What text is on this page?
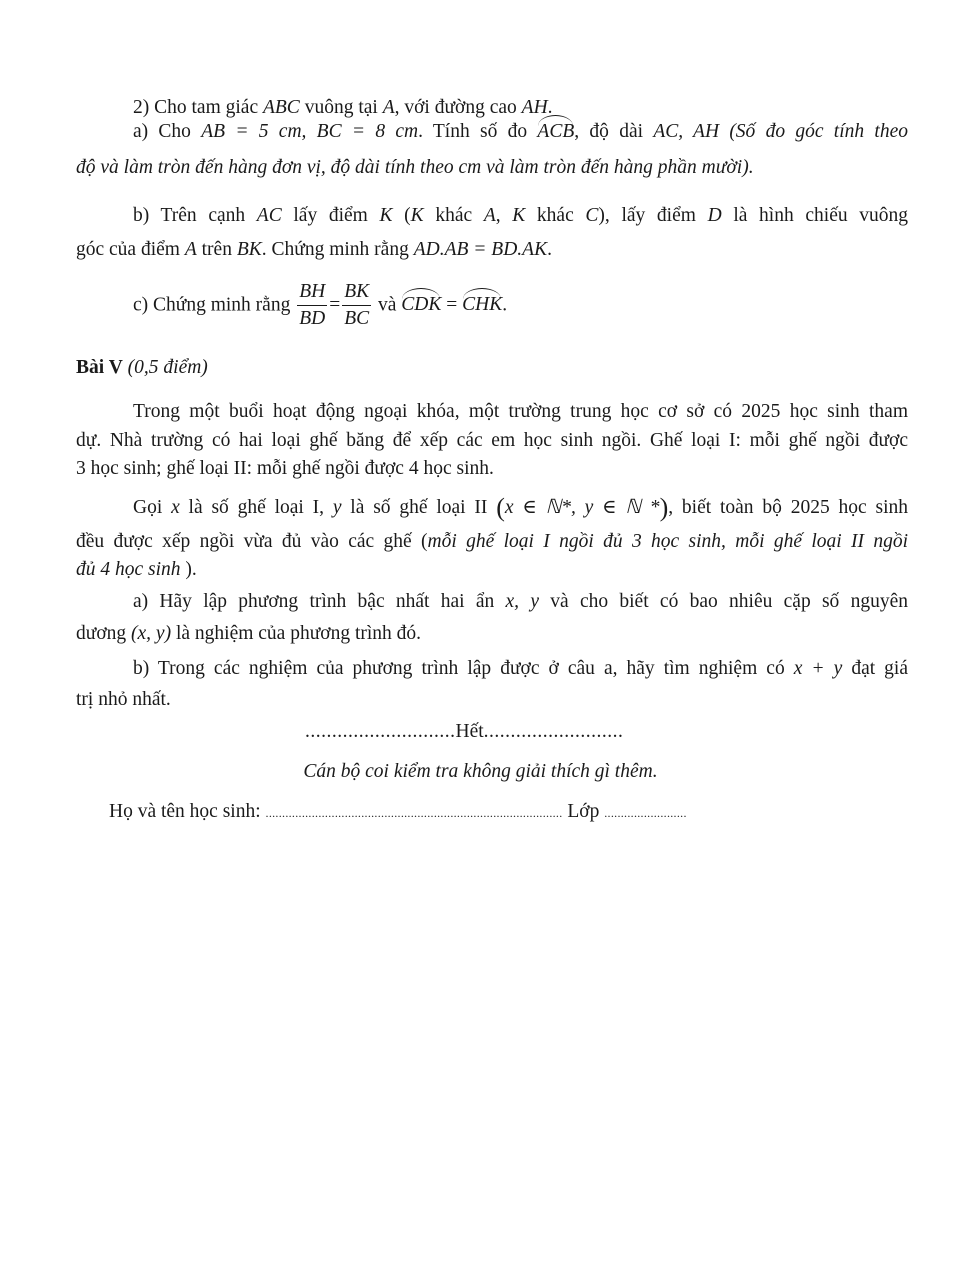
2) Cho tam giác ABC vuông tại A, với đường cao AH.
a) Cho AB = 5 cm, BC = 8 cm. Tính số đo ACB, độ dài AC, AH (Số đo góc tính theo
độ và làm tròn đến hàng đơn vị, độ dài tính theo cm và làm tròn đến hàng phần mười).
b) Trên cạnh AC lấy điểm K (K khác A, K khác C), lấy điểm D là hình chiếu vuông
góc của điểm A trên BK. Chứng minh rằng AD.AB = BD.AK.
c) Chứng minh rằng $\frac{BH}{BD} = \frac{BK}{BC}$ và CDK = CHK.
Bài V (0,5 điểm)
Trong một buổi hoạt động ngoại khóa, một trường trung học cơ sở có 2025 học sinh tham
dự. Nhà trường có hai loại ghế băng để xếp các em học sinh ngồi. Ghế loại I: mỗi ghế ngồi được
3 học sinh; ghế loại II: mỗi ghế ngồi được 4 học sinh.
Gọi x là số ghế loại I, y là số ghế loại II (x ∈ ℕ*, y ∈ ℕ *), biết toàn bộ 2025 học sinh
đều được xếp ngồi vừa đủ vào các ghế (mỗi ghế loại I ngồi đủ 3 học sinh, mỗi ghế loại II ngồi
đủ 4 học sinh ).
a) Hãy lập phương trình bậc nhất hai ẩn x, y và cho biết có bao nhiêu cặp số nguyên
dương (x, y) là nghiệm của phương trình đó.
b) Trong các nghiệm của phương trình lập được ở câu a, hãy tìm nghiệm có x + y đạt giá
trị nhỏ nhất.
............................Hết..........................
Cán bộ coi kiểm tra không giải thích gì thêm.
Họ và tên học sinh: .......................................................................................... Lớp .........................
